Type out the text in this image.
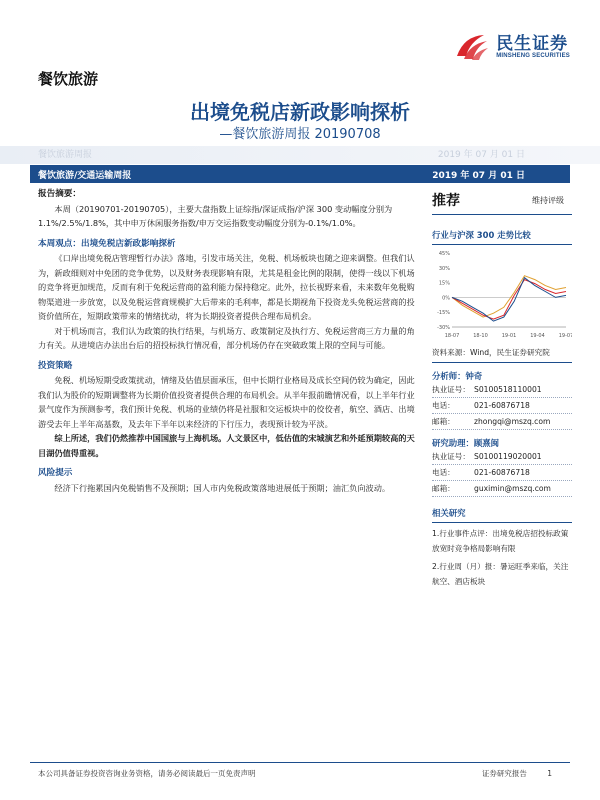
民生证券
MINSHENG SECURITIES
餐饮旅游
出境免税店新政影响探析
—餐饮旅游周报 20190708
餐饮旅游周报	2019 年 07 月 01 日
餐饮旅游/交通运输周报	2019 年 07 月 01 日
报告摘要：
本周（20190701-20190705），主要大盘指数上证综指/深证成指/沪深 300 变动幅度分别为 1.1%/2.5%/1.8%，其中申万休闲服务指数/申万交运指数变动幅度分别为-0.1%/1.0%。
本周观点：出境免税店新政影响探析
《口岸出境免税店管理暂行办法》落地，引发市场关注，免税、机场板块也随之迎来调整。但我们认为，新政细则对中免团的竞争优势，以及财务表现影响有限，尤其是租金比例的限制，使得一线以下机场的竞争将更加规范，反而有利于免税运营商的盈利能力保持稳定。此外，拉长视野来看，未来数年免税购物渠道进一步放宽，以及免税运营商规模扩大后带来的毛利率，都是长期视角下投资龙头免税运营商的投资价值所在，短期政策带来的情绪扰动，将为长期投资者提供合理布局机会。
对于机场而言，我们认为政策的执行结果，与机场方、政策制定及执行方、免税运营商三方力量的角力有关。从进境店办法出台后的招投标执行情况看，部分机场仍存在突破政策上限的空间与可能。
投资策略
免税、机场短期受政策扰动，情绪及估值层面承压，但中长期行业格局及成长空间仍较为确定，因此我们认为股价的短期调整将为长期价值投资者提供合理的布局机会。从半年报前瞻情况看，以上半年行业景气度作为预测参考，我们预计免税、机场的业绩仍将是社服和交运板块中的佼佼者，航空、酒店、出境游受去年上半年高基数，及去年下半年以来经济的下行压力，表现预计较为平淡。
综上所述，我们仍然推荐中国国旅与上海机场。人文景区中，低估值的宋城演艺和外延预期较高的天目湖仍值得重视。
风险提示
经济下行拖累国内免税销售不及预期；国人市内免税政策落地进展低于预期；油汇负向波动。
推荐	维持评级
行业与沪深 300 走势比较
45%
30%
15%
0%
-15%
-30%
18-07	18-10	19-01	19-04	19-07
资料来源：Wind，民生证券研究院
分析师：钟奇
执业证号： S0100518110001
电话：	021-60876718
邮箱：	zhongqi@mszq.com
研究助理：顾熹闽
执业证号： S0100119020001
电话：	021-60876718
邮箱：	guximin@mszq.com
相关研究
1.行业事件点评：出境免税店招投标政策放宽时竞争格局影响有限
2.行业周（月）报：暑运旺季来临，关注航空、酒店板块
本公司具备证券投资咨询业务资格，请务必阅读最后一页免责声明	证券研究报告	1
